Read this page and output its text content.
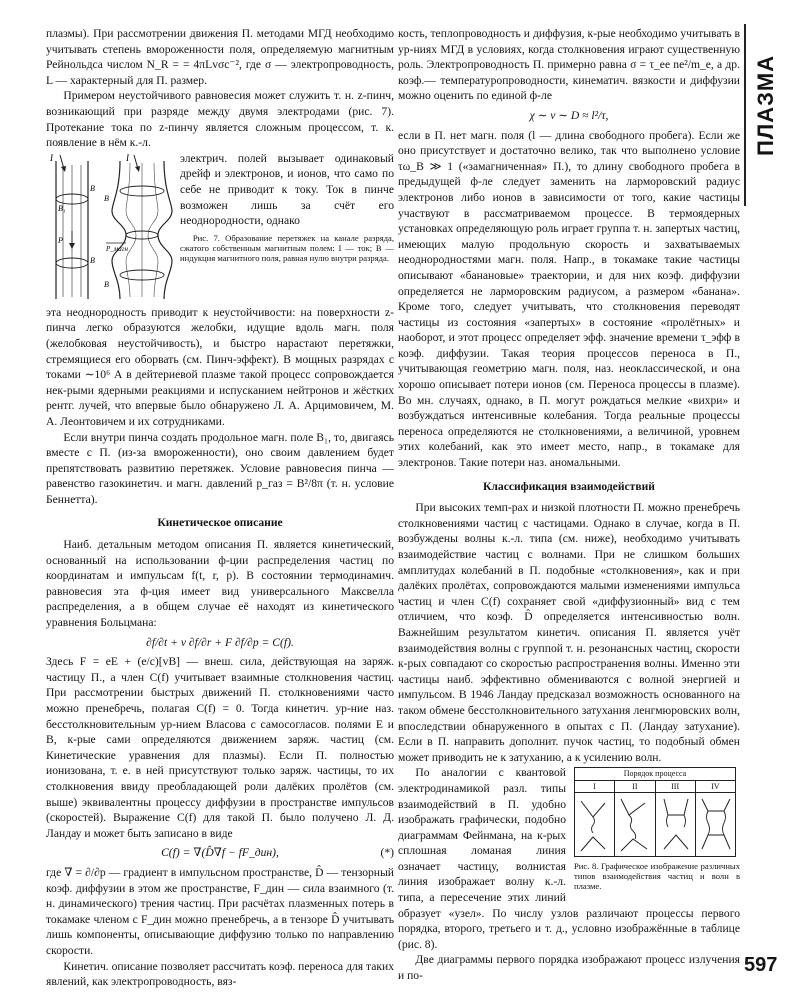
ПЛАЗМА

плазмы). При рассмотрении движения П. методами МГД необходимо учитывать степень вмороженности поля, определяемую магнитным Рейнольдса числом N_R = = 4πLvσc⁻², где σ — электропроводность, L — характерный для П. размер.

Примером неустойчивого равновесия может служить т. н. z-пинч, возникающий при разряде между двумя электродами (рис. 7). Протекание тока по z-пинчу является сложным процессом, т. к. появление в нём к.-л.

I	I
B
B₁
P
B
P_магн
B
B

электрич. полей вызывает одинаковый дрейф и электронов, и ионов, что само по себе не приводит к току. Ток в пинче возможен лишь за счёт его неоднородности, однако

Рис. 7. Образование перетяжек на канале разряда, сжатого собственным магнитным полем: I — ток; B — индукция магнитного поля, равная нулю внутри разряда.

эта неоднородность приводит к неустойчивости: на поверхности z-пинча легко образуются желобки, идущие вдоль магн. поля (желобковая неустойчивость), и быстро нарастают перетяжки, стремящиеся его оборвать (см. Пинч-эффект). В мощных разрядах с токами ∼10⁶ А в дейтериевой плазме такой процесс сопровождается нек-рыми ядерными реакциями и испусканием нейтронов и жёстких рентг. лучей, что впервые было обнаружено Л. А. Арцимовичем, М. А. Леонтовичем и их сотрудниками.

Если внутри пинча создать продольное магн. поле B₁, то, двигаясь вместе с П. (из-за вмороженности), оно своим давлением будет препятствовать развитию перетяжек. Условие равновесия пинча — равенство газокинетич. и магн. давлений p_газ = B²/8π (т. н. условие Беннетта).

Кинетическое описание

Наиб. детальным методом описания П. является кинетический, основанный на использовании ф-ции распределения частиц по координатам и импульсам f(t, r, p). В состоянии термодинамич. равновесия эта ф-ция имеет вид универсального Максвелла распределения, а в общем случае её находят из кинетического уравнения Больцмана:

∂f/∂t + v ∂f/∂r + F ∂f/∂p = C(f).

Здесь F = eE + (e/c)[vB] — внеш. сила, действующая на заряж. частицу П., а член C(f) учитывает взаимные столкновения частиц. При рассмотрении быстрых движений П. столкновениями часто можно пренебречь, полагая C(f) = 0. Тогда кинетич. ур-ние наз. бесстолкновительным ур-нием Власова с самосогласов. полями E и B, к-рые сами определяются движением заряж. частиц (см. Кинетические уравнения для плазмы). Если П. полностью ионизована, т. е. в ней присутствуют только заряж. частицы, то их столкновения ввиду преобладающей роли далёких пролётов (см. выше) эквивалентны процессу диффузии в пространстве импульсов (скоростей). Выражение C(f) для такой П. было получено Л. Д. Ландау и может быть записано в виде

C(f) = ∇(D̂∇f − fF_дин),	(*)

где ∇ = ∂/∂p — градиент в импульсном пространстве, D̂ — тензорный коэф. диффузии в этом же пространстве, F_дин — сила взаимного (т. н. динамического) трения частиц. При расчётах плазменных потерь в токамаке членом с F_дин можно пренебречь, а в тензоре D̂ учитывать лишь компоненты, описывающие диффузию только по направлению скорости.

Кинетич. описание позволяет рассчитать коэф. переноса для таких явлений, как электропроводность, вяз-

кость, теплопроводность и диффузия, к-рые необходимо учитывать в ур-ниях МГД в условиях, когда столкновения играют существенную роль. Электропроводность П. примерно равна σ = τ_ее ne²/m_e, а др. коэф.— температуропроводности, кинематич. вязкости и диффузии можно оценить по единой ф-ле

χ ∼ ν ∼ D ≈ l²/τ,

если в П. нет магн. поля (l — длина свободного пробега). Если же оно присутствует и достаточно велико, так что выполнено условие τω_B ≫ 1 («замагниченная» П.), то длину свободного пробега в предыдущей ф-ле следует заменить на ларморовский радиус электронов либо ионов в зависимости от того, какие частицы участвуют в рассматриваемом процессе. В термоядерных установках определяющую роль играет группа т. н. запертых частиц, имеющих малую продольную скорость и захватываемых неоднородностями магн. поля. Напр., в токамаке такие частицы описывают «банановые» траектории, и для них коэф. диффузии определяется не ларморовским радиусом, а размером «банана». Кроме того, следует учитывать, что столкновения переводят частицы из состояния «запертых» в состояние «пролётных» и наоборот, и этот процесс определяет эфф. значение времени τ_эфф в коэф. диффузии. Такая теория процессов переноса в П., учитывающая геометрию магн. поля, наз. неоклассической, и она хорошо описывает потери ионов (см. Переноса процессы в плазме). Во мн. случаях, однако, в П. могут рождаться мелкие «вихри» и возбуждаться интенсивные колебания. Тогда реальные процессы переноса определяются не столкновениями, а величиной, уровнем этих колебаний, как это имеет место, напр., в токамаке для электронов. Такие потери наз. аномальными.

Классификация взаимодействий

При высоких темп-рах и низкой плотности П. можно пренебречь столкновениями частиц с частицами. Однако в случае, когда в П. возбуждены волны к.-л. типа (см. ниже), необходимо учитывать взаимодействие частиц с волнами. При не слишком больших амплитудах колебаний в П. подобные «столкновения», как и при далёких пролётах, сопровождаются малыми изменениями импульса частиц и член C(f) сохраняет свой «диффузионный» вид с тем отличием, что коэф. D̂ определяется интенсивностью волн. Важнейшим результатом кинетич. описания П. является учёт взаимодействия волны с группой т. н. резонансных частиц, скорости к-рых совпадают со скоростью распространения волны. Именно эти частицы наиб. эффективно обмениваются с волной энергией и импульсом. В 1946 Ландау предсказал возможность основанного на таком обмене бесстолкновительного затухания ленгмюровских волн, впоследствии обнаруженного в опытах с П. (Ландау затухание). Если в П. направить дополнит. пучок частиц, то подобный обмен может приводить не к затуханию, а к усилению волн.

Порядок процесса
I	II	III	IV
Рис. 8. Графическое изображение различных типов взаимодействия частиц и волн в плазме.

По аналогии с квантовой электродинамикой разл. типы взаимодействий в П. удобно изображать графически, подобно диаграммам Фейнмана, на к-рых сплошная ломаная линия означает частицу, волнистая линия изображает волну к.-л. типа, а пересечение этих линий образует «узел». По числу узлов различают процессы первого порядка, второго, третьего и т. д., условно изображённые в таблице (рис. 8).

Две диаграммы первого порядка изображают процесс излучения и по-	597
